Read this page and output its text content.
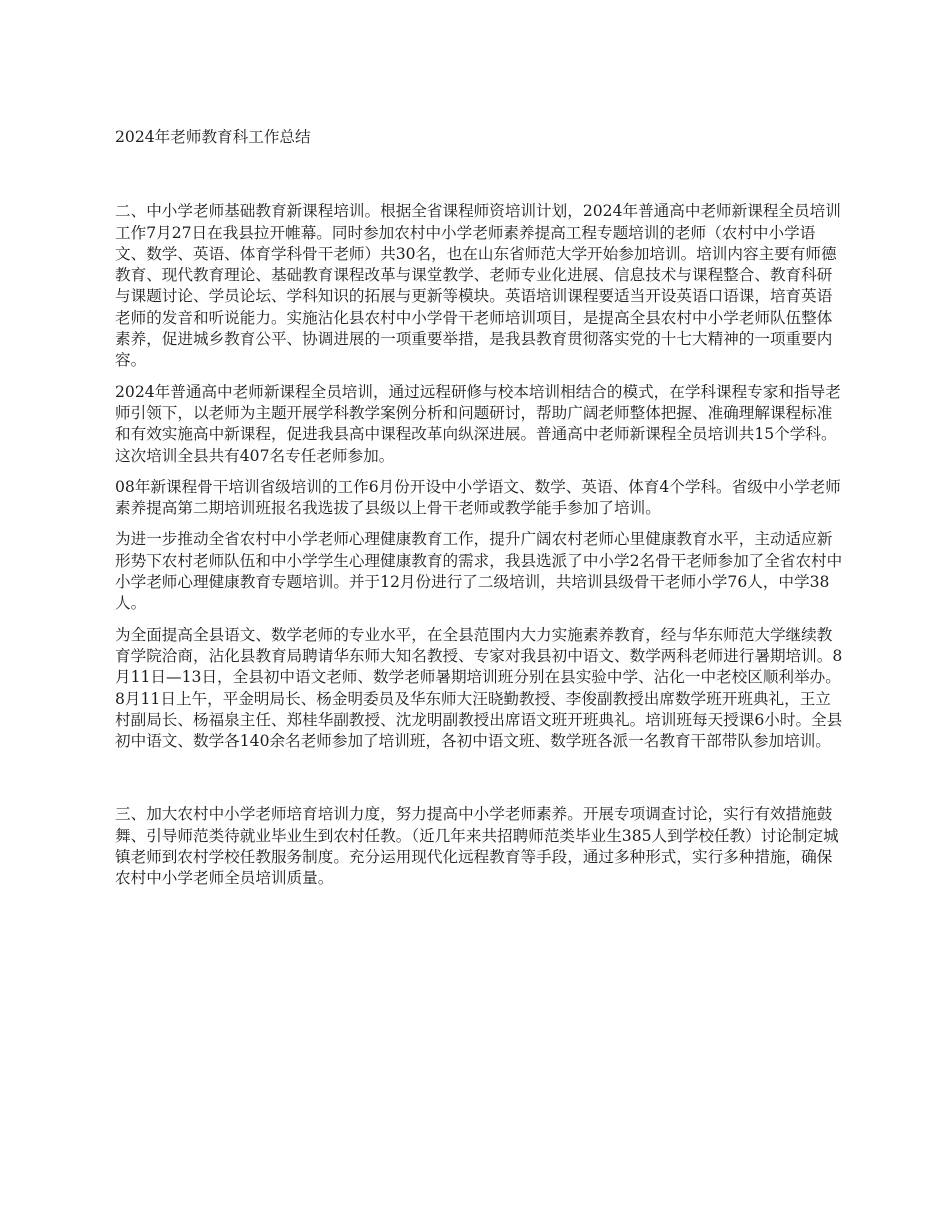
2024年老师教育科工作总结

二、中小学老师基础教育新课程培训。根据全省课程师资培训计划，2024年普通高中老师新课程全员培训工作7月27日在我县拉开帷幕。同时参加农村中小学老师素养提高工程专题培训的老师（农村中小学语文、数学、英语、体育学科骨干老师）共30名，也在山东省师范大学开始参加培训。培训内容主要有师德教育、现代教育理论、基础教育课程改革与课堂教学、老师专业化进展、信息技术与课程整合、教育科研与课题讨论、学员论坛、学科知识的拓展与更新等模块。英语培训课程要适当开设英语口语课，培育英语老师的发音和听说能力。实施沾化县农村中小学骨干老师培训项目，是提高全县农村中小学老师队伍整体素养，促进城乡教育公平、协调进展的一项重要举措，是我县教育贯彻落实党的十七大精神的一项重要内容。

2024年普通高中老师新课程全员培训，通过远程研修与校本培训相结合的模式，在学科课程专家和指导老师引领下，以老师为主题开展学科教学案例分析和问题研讨，帮助广阔老师整体把握、准确理解课程标准和有效实施高中新课程，促进我县高中课程改革向纵深进展。普通高中老师新课程全员培训共15个学科。这次培训全县共有407名专任老师参加。

08年新课程骨干培训省级培训的工作6月份开设中小学语文、数学、英语、体育4个学科。省级中小学老师素养提高第二期培训班报名我选拔了县级以上骨干老师或教学能手参加了培训。

为进一步推动全省农村中小学老师心理健康教育工作，提升广阔农村老师心里健康教育水平，主动适应新形势下农村老师队伍和中小学学生心理健康教育的需求，我县选派了中小学2名骨干老师参加了全省农村中小学老师心理健康教育专题培训。并于12月份进行了二级培训，共培训县级骨干老师小学76人，中学38人。

为全面提高全县语文、数学老师的专业水平，在全县范围内大力实施素养教育，经与华东师范大学继续教育学院洽商，沾化县教育局聘请华东师大知名教授、专家对我县初中语文、数学两科老师进行暑期培训。8月11日—13日，全县初中语文老师、数学老师暑期培训班分别在县实验中学、沾化一中老校区顺利举办。8月11日上午，平金明局长、杨金明委员及华东师大汪晓勤教授、李俊副教授出席数学班开班典礼，王立村副局长、杨福泉主任、郑桂华副教授、沈龙明副教授出席语文班开班典礼。培训班每天授课6小时。全县初中语文、数学各140余名老师参加了培训班，各初中语文班、数学班各派一名教育干部带队参加培训。

三、加大农村中小学老师培育培训力度，努力提高中小学老师素养。开展专项调查讨论，实行有效措施鼓舞、引导师范类待就业毕业生到农村任教。（近几年来共招聘师范类毕业生385人到学校任教）讨论制定城镇老师到农村学校任教服务制度。充分运用现代化远程教育等手段，通过多种形式，实行多种措施，确保农村中小学老师全员培训质量。
